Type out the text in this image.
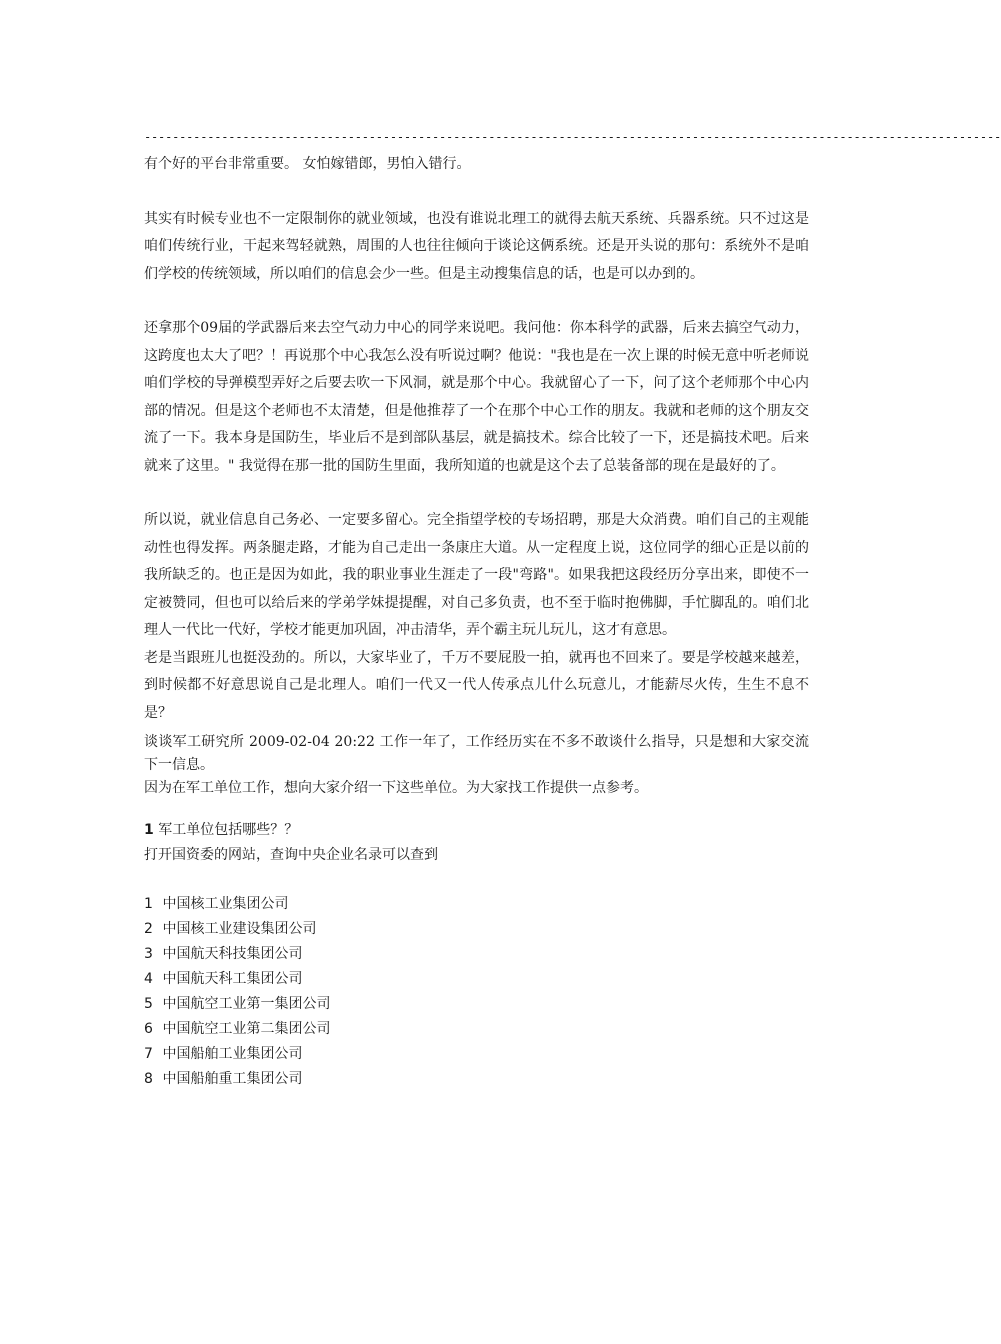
--------------------------------------------------------------------------------------------------------------------------

有个好的平台非常重要。 女怕嫁错郎，男怕入错行。

其实有时候专业也不一定限制你的就业领域，也没有谁说北理工的就得去航天系统、兵器系统。只不过这是咱们传统行业，干起来驾轻就熟，周围的人也往往倾向于谈论这俩系统。还是开头说的那句：系统外不是咱们学校的传统领域，所以咱们的信息会少一些。但是主动搜集信息的话，也是可以办到的。

还拿那个09届的学武器后来去空气动力中心的同学来说吧。我问他：你本科学的武器，后来去搞空气动力，这跨度也太大了吧？！再说那个中心我怎么没有听说过啊？他说："我也是在一次上课的时候无意中听老师说咱们学校的导弹模型弄好之后要去吹一下风洞，就是那个中心。我就留心了一下，问了这个老师那个中心内部的情况。但是这个老师也不太清楚，但是他推荐了一个在那个中心工作的朋友。我就和老师的这个朋友交流了一下。我本身是国防生，毕业后不是到部队基层，就是搞技术。综合比较了一下，还是搞技术吧。后来就来了这里。" 我觉得在那一批的国防生里面，我所知道的也就是这个去了总装备部的现在是最好的了。

所以说，就业信息自己务必、一定要多留心。完全指望学校的专场招聘，那是大众消费。咱们自己的主观能动性也得发挥。两条腿走路，才能为自己走出一条康庄大道。从一定程度上说，这位同学的细心正是以前的我所缺乏的。也正是因为如此，我的职业事业生涯走了一段"弯路"。如果我把这段经历分享出来，即使不一定被赞同，但也可以给后来的学弟学妹提提醒，对自己多负责，也不至于临时抱佛脚，手忙脚乱的。咱们北理人一代比一代好，学校才能更加巩固，冲击清华，弄个霸主玩儿玩儿，这才有意思。

老是当跟班儿也挺没劲的。所以，大家毕业了，千万不要屁股一拍，就再也不回来了。要是学校越来越差，到时候都不好意思说自己是北理人。咱们一代又一代人传承点儿什么玩意儿，才能薪尽火传，生生不息不是？

谈谈军工研究所 2009-02-04 20:22 工作一年了，工作经历实在不多不敢谈什么指导，只是想和大家交流下一信息。

因为在军工单位工作，想向大家介绍一下这些单位。为大家找工作提供一点参考。

1 军工单位包括哪些？？

打开国资委的网站，查询中央企业名录可以查到

1 中国核工业集团公司
2 中国核工业建设集团公司
3 中国航天科技集团公司
4 中国航天科工集团公司
5 中国航空工业第一集团公司
6 中国航空工业第二集团公司
7 中国船舶工业集团公司
8 中国船舶重工集团公司
